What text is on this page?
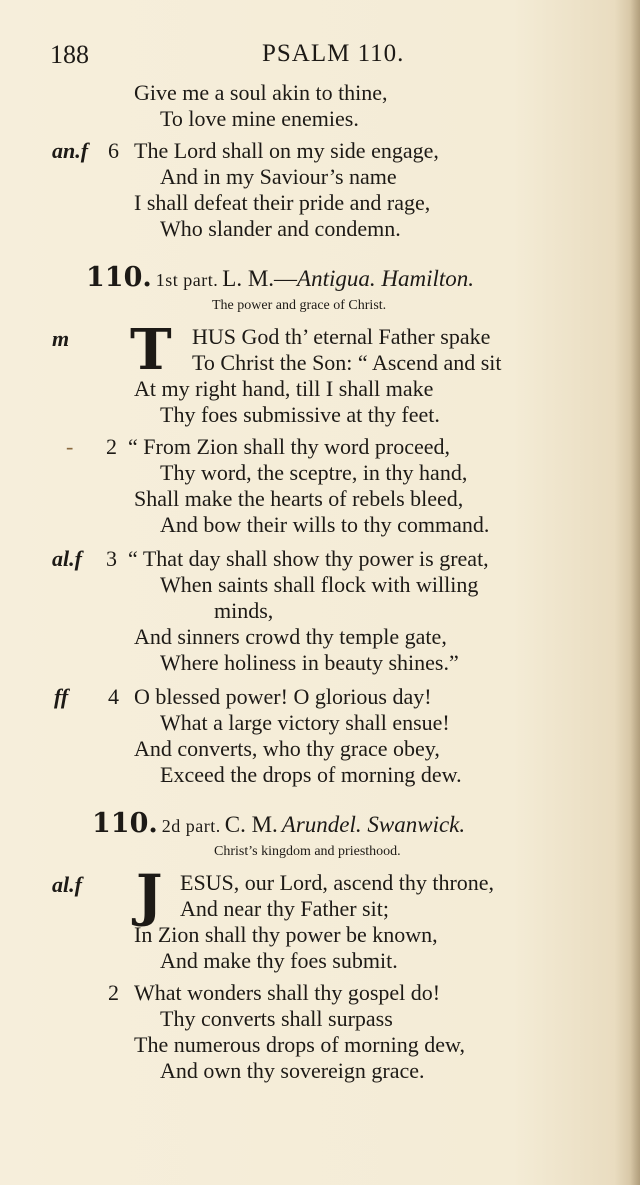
188	PSALM 110.
Give me a soul akin to thine,
To love mine enemies.
an.f 6 The Lord shall on my side engage,
And in my Saviour’s name
I shall defeat their pride and rage,
Who slander and condemn.
110. 1st part. L. M.—Antigua. Hamilton.
The power and grace of Christ.
m T HUS God th’ eternal Father spake
To Christ the Son: “ Ascend and sit
At my right hand, till I shall make
Thy foes submissive at thy feet.
- 2 “ From Zion shall thy word proceed,
Thy word, the sceptre, in thy hand,
Shall make the hearts of rebels bleed,
And bow their wills to thy command.
al.f 3 “ That day shall show thy power is great,
When saints shall flock with willing
minds,
And sinners crowd thy temple gate,
Where holiness in beauty shines.”
ff 4 O blessed power! O glorious day!
What a large victory shall ensue!
And converts, who thy grace obey,
Exceed the drops of morning dew.
110. 2d part. C. M. Arundel. Swanwick.
Christ’s kingdom and priesthood.
al.f J ESUS, our Lord, ascend thy throne,
And near thy Father sit;
In Zion shall thy power be known,
And make thy foes submit.
2 What wonders shall thy gospel do!
Thy converts shall surpass
The numerous drops of morning dew,
And own thy sovereign grace.
